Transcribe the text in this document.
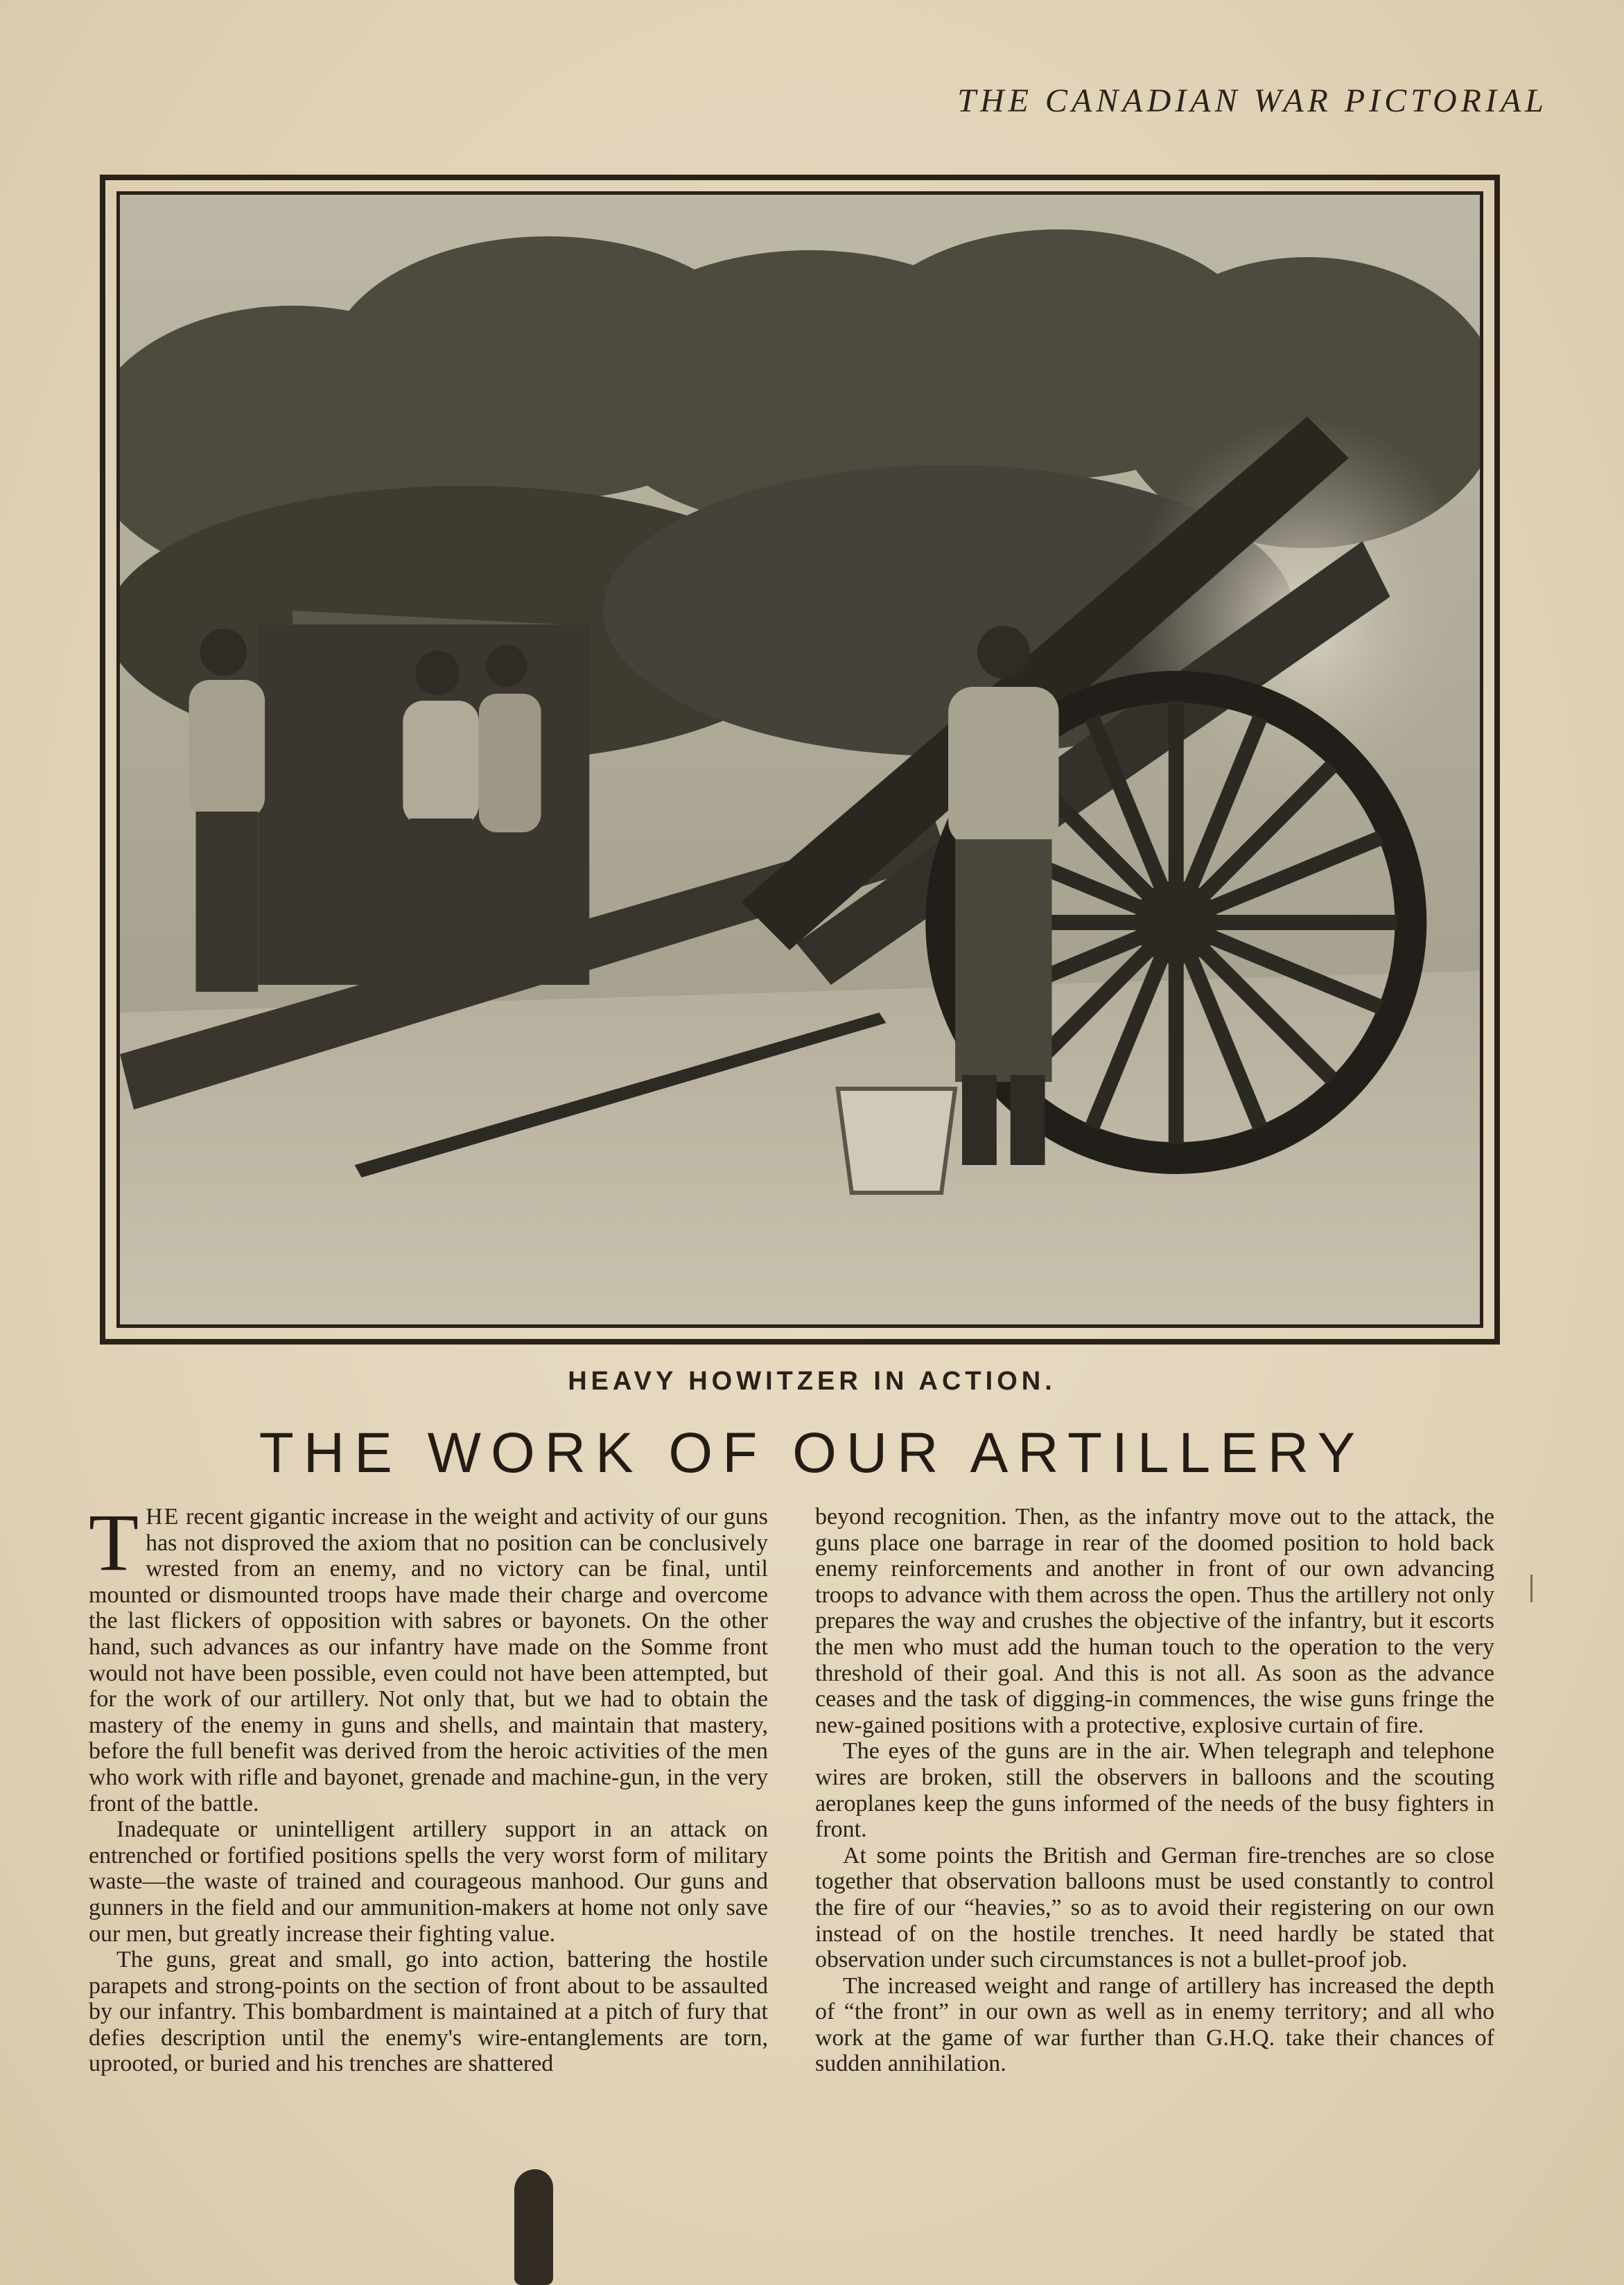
THE CANADIAN WAR PICTORIAL
HEAVY HOWITZER IN ACTION.
THE WORK OF OUR ARTILLERY

THE recent gigantic increase in the weight and activity of our guns has not disproved the axiom that no position can be conclusively wrested from an enemy, and no victory can be final, until mounted or dismounted troops have made their charge and overcome the last flickers of opposition with sabres or bayonets. On the other hand, such advances as our infantry have made on the Somme front would not have been possible, even could not have been attempted, but for the work of our artillery. Not only that, but we had to obtain the mastery of the enemy in guns and shells, and maintain that mastery, before the full benefit was derived from the heroic activities of the men who work with rifle and bayonet, grenade and machine-gun, in the very front of the battle.

Inadequate or unintelligent artillery support in an attack on entrenched or fortified positions spells the very worst form of military waste—the waste of trained and courageous manhood. Our guns and gunners in the field and our ammunition-makers at home not only save our men, but greatly increase their fighting value.

The guns, great and small, go into action, battering the hostile parapets and strong-points on the section of front about to be assaulted by our infantry. This bombardment is maintained at a pitch of fury that defies description until the enemy's wire-entanglements are torn, uprooted, or buried and his trenches are shattered

beyond recognition. Then, as the infantry move out to the attack, the guns place one barrage in rear of the doomed position to hold back enemy reinforcements and another in front of our own advancing troops to advance with them across the open. Thus the artillery not only prepares the way and crushes the objective of the infantry, but it escorts the men who must add the human touch to the operation to the very threshold of their goal. And this is not all. As soon as the advance ceases and the task of digging-in commences, the wise guns fringe the new-gained positions with a protective, explosive curtain of fire.

The eyes of the guns are in the air. When telegraph and telephone wires are broken, still the observers in balloons and the scouting aeroplanes keep the guns informed of the needs of the busy fighters in front.

At some points the British and German fire-trenches are so close together that observation balloons must be used constantly to control the fire of our “heavies,” so as to avoid their registering on our own instead of on the hostile trenches. It need hardly be stated that observation under such circumstances is not a bullet-proof job.

The increased weight and range of artillery has increased the depth of “the front” in our own as well as in enemy territory; and all who work at the game of war further than G.H.Q. take their chances of sudden annihilation.
